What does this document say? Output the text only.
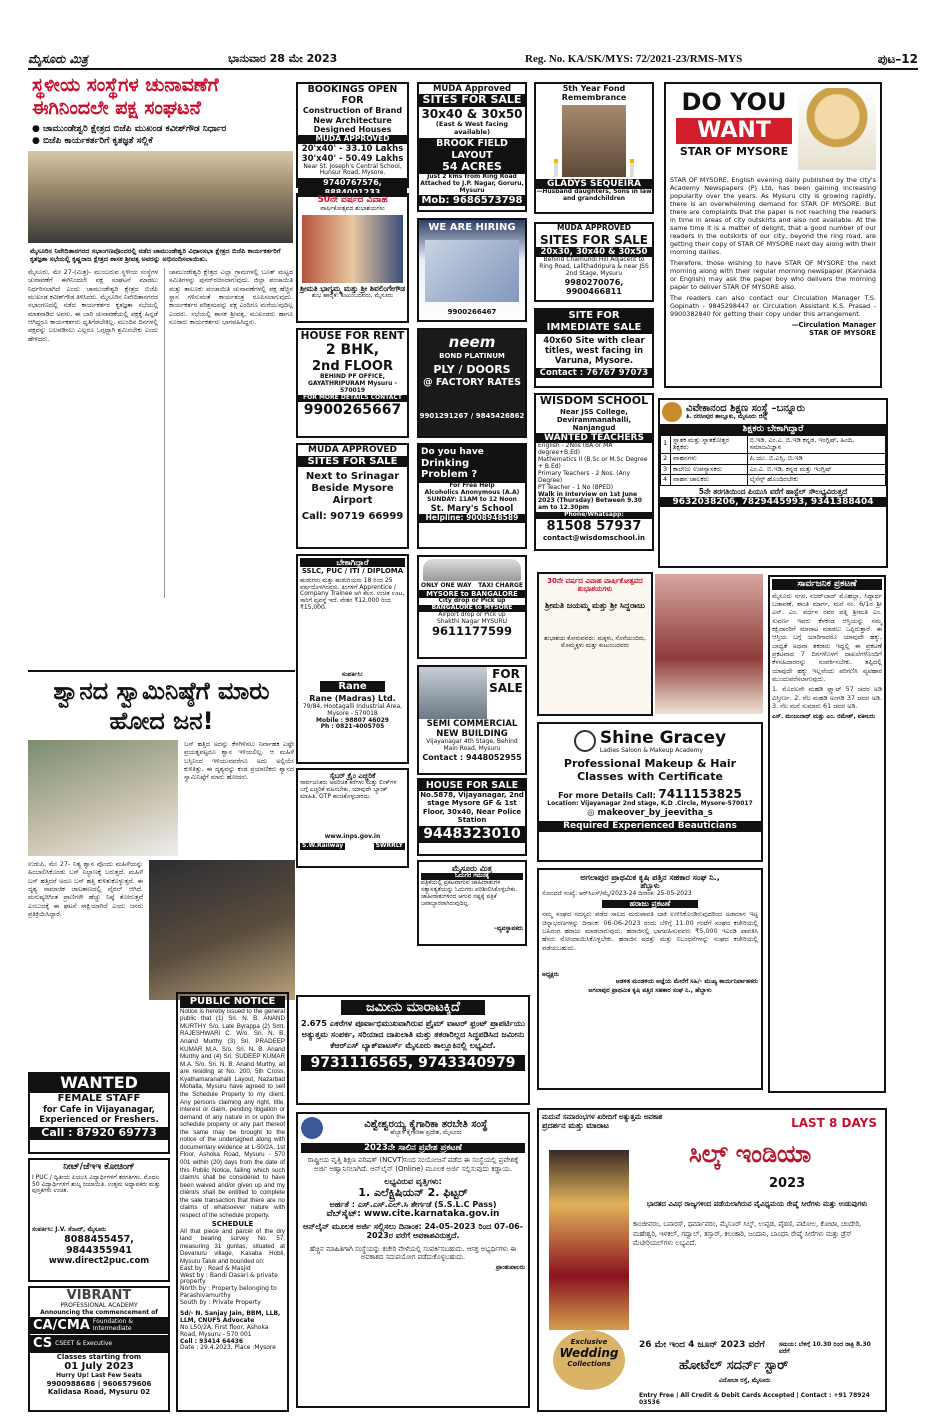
ಮೈಸೂರು ಮಿತ್ರ	ಭಾನುವಾರ 28 ಮೇ 2023	Reg. No. KA/SK/MYS: 72/2021-23/RMS-MYS	ಪುಟ–12
ಸ್ಥಳೀಯ ಸಂಸ್ಥೆಗಳ ಚುನಾವಣೆಗೆ ಈಗಿನಿಂದಲೇ ಪಕ್ಷ ಸಂಘಟನೆ
● ಚಾಮುಂಡೇಶ್ವರಿ ಕ್ಷೇತ್ರದ ಬಿಜೆಪಿ ಮುಖಂಡ ಕವೀಶ್‌ಗೌಡ ನಿರ್ಧಾರ
● ಬಿಜೆಪಿ ಕಾರ್ಯಕರ್ತರಿಗೆ ಕೃತಜ್ಞತೆ ಸಲ್ಲಿಕೆ
ಮೈಸೂರಿನ ನಿವೇದಿತಾನಗರದ ಸಭಾಂಗಣವೊಂದರಲ್ಲಿ ನಡೆದ ಚಾಮುಂಡೇಶ್ವರಿ ವಿಧಾನಸಭಾ ಕ್ಷೇತ್ರದ ಬಿಜೆಪಿ ಕಾರ್ಯಕರ್ತರಿಗೆ ಕೃತಜ್ಞತಾ ಸಭೆಯಲ್ಲಿ ಕೃಷ್ಣರಾಜ ಕ್ಷೇತ್ರದ ಶಾಸಕ ಶ್ರೀವತ್ಸ ಅವರನ್ನು ಅಭಿನಂದಿಸಲಾಯಿತು.
ಮೈಸೂರು, ಮೇ 27-(ಮಿತ್ರ)- ಮುಂಬರುವ ಸ್ಥಳೀಯ ಸಂಸ್ಥೆಗಳ ಚುನಾವಣೆಗೆ ಈಗಿನಿಂದಲೇ ಪಕ್ಷ ಸಂಘಟನೆ ಮಾಡಲು ನಿರ್ಧರಿಸಲಾಗಿದೆ ಎಂದು ಚಾಮುಂಡೇಶ್ವರಿ ಕ್ಷೇತ್ರದ ಬಿಜೆಪಿ ಮುಖಂಡ ಕವೀಶ್‌ಗೌಡ ತಿಳಿಸಿದರು. ಮೈಸೂರಿನ ನಿವೇದಿತಾನಗರದ ಸಭಾಂಗಣದಲ್ಲಿ ನಡೆದ ಕಾರ್ಯಕರ್ತರ ಕೃತಜ್ಞತಾ ಸಭೆಯಲ್ಲಿ ಮಾತನಾಡಿದ ಅವರು, ಈ ಬಾರಿ ಚುನಾವಣೆಯಲ್ಲಿ ಪಕ್ಷಕ್ಕೆ ಹಿನ್ನಡೆ ಆಗಿದ್ದರೂ ಕಾರ್ಯಕರ್ತರು ಧೃತಿಗೆಡಬೇಕಿಲ್ಲ. ಮುಂದಿನ ದಿನಗಳಲ್ಲಿ ಪಕ್ಷವನ್ನು ಬಲಪಡಿಸಲು ಎಲ್ಲರೂ ಒಗ್ಗಟ್ಟಾಗಿ ಶ್ರಮಿಸಬೇಕು ಎಂದು ಹೇಳಿದರು.
ಚಾಮುಂಡೇಶ್ವರಿ ಕ್ಷೇತ್ರದ ಎಲ್ಲಾ ಗ್ರಾಮಗಳಲ್ಲಿ ಬೂತ್ ಮಟ್ಟದ ಸಮಿತಿಗಳನ್ನು ಪುನರ್‌ರಚಿಸಲಾಗುವುದು. ಜಿಲ್ಲಾ ಪಂಚಾಯಿತಿ ಮತ್ತು ತಾಲೂಕು ಪಂಚಾಯಿತಿ ಚುನಾವಣೆಗಳಲ್ಲಿ ಪಕ್ಷ ಹೆಚ್ಚಿನ ಸ್ಥಾನ ಗಳಿಸುವಂತೆ ಕಾರ್ಯತಂತ್ರ ರೂಪಿಸಲಾಗುವುದು. ಕಾರ್ಯಕರ್ತರ ಪರಿಶ್ರಮವನ್ನು ಪಕ್ಷ ಎಂದಿಗೂ ಮರೆಯುವುದಿಲ್ಲ ಎಂದರು. ಸಭೆಯಲ್ಲಿ ಶಾಸಕ ಶ್ರೀವತ್ಸ, ಮುಖಂಡರು ಹಾಗೂ ನೂರಾರು ಕಾರ್ಯಕರ್ತರು ಭಾಗವಹಿಸಿದ್ದರು.
ಶ್ವಾನದ ಸ್ವಾಮಿನಿಷ್ಠೆಗೆ ಮಾರು ಹೋದ ಜನ!
ಬಸ್ ಹತ್ತಿದ ಅದನ್ನು ಕೆಳಗಿಳಿಸಲು ನಿರ್ವಾಹಕ ಎಷ್ಟೇ ಪ್ರಯತ್ನಪಟ್ಟರೂ ಶ್ವಾನ ಇಳಿಯಲಿಲ್ಲ. ಆ ಮಹಿಳೆ ಬಸ್ಸಿನಿಂದ ಇಳಿಯುವವರೆಗೂ ಅದು ಅಲ್ಲಿಯೇ ಕುಳಿತಿತ್ತು. ಈ ದೃಶ್ಯವನ್ನು ಕಂಡ ಪ್ರಯಾಣಿಕರು ಶ್ವಾನದ ಸ್ವಾಮಿನಿಷ್ಠೆಗೆ ಮಾರು ಹೋದರು.
ಉಡುಪಿ, ಮೇ 27- ನಿತ್ಯ ಶ್ವಾನ ವೊಂದು ಮಹಿಳೆಯನ್ನು ಹಿಂಬಾಲಿಸಿಕೊಂಡು ಬಸ್ ನಿಲ್ದಾಣಕ್ಕೆ ಬರುತ್ತದೆ. ಮಹಿಳೆ ಬಸ್ ಹತ್ತಿದರೆ ಅದೂ ಬಸ್ ಹತ್ತಿ ಕುಳಿತುಕೊಳ್ಳುತ್ತದೆ. ಈ ದೃಶ್ಯ ಸಾಮಾಜಿಕ ಜಾಲತಾಣದಲ್ಲಿ ವೈರಲ್ ಆಗಿದೆ. ಮನುಷ್ಯರಿಗಿಂತ ಪ್ರಾಣಿಗಳೇ ಹೆಚ್ಚು ನಿಷ್ಠೆ ತೋರುತ್ತವೆ ಎಂಬುದಕ್ಕೆ ಈ ಘಟನೆ ಸಾಕ್ಷಿಯಾಗಿದೆ ಎಂದು ಜನರು ಪ್ರತಿಕ್ರಿಯಿಸಿದ್ದಾರೆ.
WANTED
FEMALE STAFF
for Cafe in Vijayanagar, Experienced or Freshers.
Call : 87920 69773
ನೀಟ್/ಜೆಇಇ ಕೋಚಿಂಗ್‌
I PUC / ದ್ವಿತೀಯ ಪಿಯುಸಿ ವಿದ್ಯಾರ್ಥಿಗಳಿಗೆ ತರಗತಿಗಳು. ಮೊದಲ 50 ವಿದ್ಯಾರ್ಥಿಗಳಿಗೆ ಶುಲ್ಕ ರಿಯಾಯಿತಿ. ಉತ್ತಮ ಅಧ್ಯಾಪಕರು ಮತ್ತು ಪುಸ್ತಕಗಳು ಉಚಿತ.
ಸಂಪರ್ಕಿಸಿ: J.V. ಸೆಂಟರ್, ಮೈಸೂರು
8088455457, 9844355941
www.direct2puc.com
VIBRANT
PROFESSIONAL ACADEMY
Announcing the commencement of
CA/CMA Foundation & Intermediate
CS CSEET & Executive
Classes starting from
01 July 2023
Hurry Up! Last Few Seats
9900988686 | 9606579606
Kalidasa Road, Mysuru 02
BOOKINGS OPEN FOR
Construction of Brand New Architecture Designed Houses
MUDA APPROVED
20'x40' - 33.10 Lakhs
30'x40' - 50.49 Lakhs
Near St. Joseph's Central School, Hunsur Road, Mysore.
9740767576, 8884001233
50ನೇ ವರ್ಷದ ವಿವಾಹ
ವಾರ್ಷಿಕೋತ್ಸವದ ಶುಭಾಶಯಗಳು
ಶ್ರೀಮತಿ ಭಾಗ್ಯಮ್ಮ ಮತ್ತು ಶ್ರೀ ಶಿವಲಿಂಗೇಗೌಡ
ಶುಭ ಹಾರೈಕೆ: ಕುಟುಂಬದವರು, ಮೈಸೂರು
HOUSE FOR RENT
2 BHK,
2nd FLOOR
BEHIND PF OFFICE, GAYATHRIPURAM Mysuru - 570019
FOR MORE DETAILS CONTACT
9900265667
MUDA APPROVED
SITES FOR SALE
Next to Srinagar Beside Mysore Airport
Call: 90719 66999
ಬೇಕಾಗಿದ್ದಾರೆ
SSLC, PUC / ITI / DIPLOMA
ಹುಡುಗರು ಮತ್ತು ಹುಡುಗಿಯರು 18 ರಿಂದ 25 ವರ್ಷದೊಳಗಿನವರು. ತಿಂಗಳಿಗೆ Apprentice / Company Trainee ಆಗಿ ಕೆಲಸ. ಉಚಿತ ಊಟ, ಸಾರಿಗೆ ವ್ಯವಸ್ಥೆ ಇದೆ. ವೇತನ ₹12,000 ರಿಂದ ₹15,000.
ಸಂಪರ್ಕಿಸಿ:
Rane
Rane (Madras) Ltd.
79/84, Hootagalli Industrial Area, Mysore - 570018
Mobile : 98807 46029
Ph : 0821-4005705
ಸೈಬರ್ ಕ್ರೈಂ ಎಚ್ಚರಿಕೆ
ಸಾರ್ವಜನಿಕರು ಅಪರಿಚಿತ ಕರೆಗಳು ಮತ್ತು ಲಿಂಕ್‌ಗಳ ಬಗ್ಗೆ ಎಚ್ಚರಿಕೆ ವಹಿಸಬೇಕು. ಯಾವುದೇ ಬ್ಯಾಂಕ್ ಮಾಹಿತಿ, OTP ಹಂಚಿಕೊಳ್ಳಬಾರದು.
www.inps.gov.in
S.W.Railway	SWRRLY
MUDA Approved
SITES FOR SALE
30x40 & 30x50
(East & West facing available)
BROOK FIELD LAYOUT
54 ACRES
Just 2 kms from Ring Road Attached to J.P. Nagar, Goruru, Mysuru
Mob: 9686573798
WE ARE HIRING
9900266467
neem
BOND PLATINUM
PLY / DOORS
@ FACTORY RATES
9901291267 / 9845426862
Do you have
Drinking
Problem ?
For Free Help
Alcoholics Anonymous (A.A)
SUNDAY: 11AM to 12 Noon
St. Mary's School
Helpline: 9008948589
ONLY ONE WAY TAXI CHARGE
MYSORE to BANGALORE
City drop or Pick up
BANGALORE to MYSORE
Airport drop or Pick up
Shakthi Nagar MYSURU
9611177599
FOR
SALE
SEMI COMMERCIAL NEW BUILDING
Vijayanagar 4th Stage, Behind Main Road, Mysuru
Contact : 9448052955
HOUSE FOR SALE
No.5878, Vijayanagar, 2nd stage Mysore GF & 1st Floor, 30x40, Near Police Station
9448323010
ಮೈಸೂರು ಮಿತ್ರ
ಓದುಗರ ಗಮನಕ್ಕೆ
ಪತ್ರಿಕೆಯಲ್ಲಿ ಪ್ರಕಟವಾಗುವ ಜಾಹೀರಾತುಗಳ ಸತ್ಯಾಸತ್ಯತೆಯನ್ನು ಓದುಗರು ಪರಿಶೀಲಿಸಿಕೊಳ್ಳಬೇಕು. ಜಾಹೀರಾತುಗಳಿಂದ ಆಗುವ ನಷ್ಟಕ್ಕೆ ಪತ್ರಿಕೆ ಜವಾಬ್ದಾರರಾಗಿರುವುದಿಲ್ಲ.
–ವ್ಯವಸ್ಥಾಪಕರು
5th Year Fond Remembrance
GLADYS SEQUEIRA
—Husband daughters, Sons in law and grandchildren
MUDA APPROVED
SITES FOR SALE
20x30, 30x40 & 30x50
Behind Chamundi Hill Adjacent to Ring Road, Lalithadripura & near JSS 2nd Stage, Mysuru
9980270076, 9900466811
SITE FOR IMMEDIATE SALE
40x60 Site with clear titles, west facing in Varuna, Mysore.
Contact : 76767 97073
WISDOM SCHOOL
Near JSS College, Devirammanahalli, Nanjangud
WANTED TEACHERS
English - 2Nos (BA or MA degree+B.Ed)
Mathematics II (B.Sc or M.Sc Degree + B.Ed)
Primary Teachers - 2 Nos. (Any Degree)
PT Teacher - 1 No (BPED)
Walk in Interview on 1st June 2023 (Thursday) Between 9.30 am to 12.30pm
Phone/Whatsapp:
81508 57937
contact@wisdomschool.in
DO YOU
WANT
STAR OF MYSORE
STAR OF MYSORE, English evening daily published by the city's Academy Newspapers (P) Ltd, has been gaining increasing popularity over the years. As Mysuru city is growing rapidly, there is an overwhelming demand for STAR OF MYSORE. But there are complaints that the paper is not reaching the readers in time in areas of city outskirts and also not available. At the same time it is a matter of delight, that a good number of our readers in the outskirts of our city, beyond the ring road, are getting their copy of STAR OF MYSORE next day along with their morning dailies.
Therefore, those wishing to have STAR OF MYSORE the next morning along with their regular morning newspaper (Kannada or English) may ask the paper boy who delivers the morning paper to deliver STAR OF MYSORE also.
The readers can also contact our Circulation Manager T.S. Gopinath - 9845298447 or Circulation Assistant K.S. Prasad - 9900382840 for getting their copy under this arrangement.
—Circulation Manager
STAR OF MYSORE
ವಿವೇಕಾನಂದ ಶಿಕ್ಷಣ ಸಂಸ್ಥೆ –ಬನ್ನೂರು
ತಿ. ನರಸೀಪುರ ತಾಲ್ಲೂಕು, ಮೈಸೂರು ಜಿಲ್ಲೆ
ಶಿಕ್ಷಕರು ಬೇಕಾಗಿದ್ದಾರೆ
1	ಸ್ನಾತಕ ಮತ್ತು ಸ್ನಾತಕೋತ್ತರ ಶಿಕ್ಷಕರು	ಬಿ.ಇಡಿ, ಎಂ.ಎ. ಬಿ.ಇಡಿ ಕನ್ನಡ, ಇಂಗ್ಲಿಷ್, ಹಿಂದಿ, ಸಮಾಜವಿಜ್ಞಾನ
2	ವಾಹನಗಳು	ಪಿ.ಯು. ಬಿ.ಎಸ್ಸಿ, ಬಿ.ಇಡಿ
3	ಕಾಲೇಜು ಉಪನ್ಯಾಸಕರು	ಎಂ.ಎ. ಬಿ.ಇಡಿ, ಕನ್ನಡ ಮತ್ತು ಇಂಗ್ಲಿಷ್
4	ವಾಹನ ಚಾಲಕರು	ಲೈಸೆನ್ಸ್ ಹೊಂದಿರಬೇಕು
5ನೇ ತರಗತಿಯಿಂದ ಪಿಯುಸಿ ವರೆಗೆ ಹಾಸ್ಟೆಲ್ ಸೌಲಭ್ಯವಿರುತ್ತದೆ
9632038206, 7829445993, 9341388404
30ನೇ ವರ್ಷದ ವಿವಾಹ ವಾರ್ಷಿಕೋತ್ಸವದ ಶುಭಾಶಯಗಳು
ಶ್ರೀಮತಿ ಜಯಮ್ಮ ಮತ್ತು ಶ್ರೀ ಸಿದ್ದರಾಜು
ಶುಭಾಶಯ ಕೋರುವವರು: ಮಕ್ಕಳು, ಸೊಸೆಯಂದಿರು, ಮೊಮ್ಮಕ್ಕಳು ಮತ್ತು ಕುಟುಂಬದವರು
ಸಾರ್ವಜನಿಕ ಪ್ರಕಟಣೆ
ಮೈಸೂರು ನಗರ, ನಜರ್‌ಬಾದ್ ಮೊಹಲ್ಲಾ, ಸಿದ್ದಾರ್ಥ ಬಡಾವಣೆ, ಶಾಂತಿ ಮಾರ್ಗ, ಮನೆ ನಂ. 6/1ರ ಶ್ರೀ ಎನ್. ಎಂ. ವರ್ಧನ ರವರ ಪತ್ನಿ ಶ್ರೀಮತಿ ಎಂ. ಸುವರ್ಣ ಇವರು ಕೆಳಕಂಡ ಆಸ್ತಿಯನ್ನು ನಮ್ಮ ಕಕ್ಷಿದಾರರಿಗೆ ಮಾರಾಟ ಮಾಡಲು ಒಪ್ಪಿರುತ್ತಾರೆ. ಈ ಆಸ್ತಿಯ ಬಗ್ಗೆ ಯಾರಿಗಾದರೂ ಯಾವುದೇ ಹಕ್ಕು, ಬಾಧ್ಯತೆ ಅಥವಾ ತಕರಾರು ಇದ್ದಲ್ಲಿ ಈ ಪ್ರಕಟಣೆ ಪ್ರಕಟವಾದ 7 ದಿನಗಳೊಳಗೆ ದಾಖಲೆಗಳೊಂದಿಗೆ ಕೆಳಸಹಿದಾರರನ್ನು ಸಂಪರ್ಕಿಸಬೇಕು. ತಪ್ಪಿದಲ್ಲಿ ಯಾವುದೇ ಹಕ್ಕು ಇಲ್ಲವೆಂದು ಪರಿಗಣಿಸಿ ವ್ಯವಹಾರ ಮುಂದುವರೆಸಲಾಗುವುದು.
1. ಮೊದಲನೇ ಮಹಡಿ ಫ್ಲ್ಯಾಟ್ 57 ಚದರ ಅಡಿ ವಿಸ್ತೀರ್ಣ. 2. ನೆಲ ಮಹಡಿ ಅಂಗಡಿ 37 ಚದರ ಅಡಿ. 3. ನೆಲ ಮನೆ ಸುಮಾರು 61 ಚದರ ಅಡಿ.
ಎಸ್. ಮಂಜುನಾಥ್ ಮತ್ತು ಎಂ. ರಮೇಶ್, ವಕೀಲರು
Shine Gracey
Ladies Saloon & Makeup Academy
Professional Makeup & Hair Classes with Certificate
For more Details Call: 7411153825
Location: Vijayanagar 2nd stage, K.D .Circle, Mysore-570017
◎ makeover_by_jeevitha_s
Required Experienced Beauticians
ಅಗಲಾಪುರ ಪ್ರಾಥಮಿಕ ಕೃಷಿ ಪತ್ತಿನ ಸಹಕಾರ ಸಂಘ ನಿ.,
ಹೆಬ್ಬಾಳು
ನೋಂದಣಿ ಸಂಖ್ಯೆ: ಆರ್‌ಸಿಎಸ್/ಮೈ/2023-24 ದಿನಾಂಕ: 25-05-2023
ಹರಾಜು ಪ್ರಕಟಣೆ
ನಮ್ಮ ಸಂಘದ ಸದಸ್ಯರು ಪಡೆದ ಸಾಲದ ಮರುಪಾವತಿ ಬಾಕಿ ಉಳಿಸಿಕೊಂಡಿರುವುದರಿಂದ ಅಡಮಾನ ಇಟ್ಟ ಚಿನ್ನಾಭರಣಗಳನ್ನು ದಿನಾಂಕ: 06-06-2023 ರಂದು ಬೆಳಿಗ್ಗೆ 11.00 ಗಂಟೆಗೆ ಸಂಘದ ಕಚೇರಿಯಲ್ಲಿ ಬಹಿರಂಗ ಹರಾಜು ಮಾಡಲಾಗುವುದು. ಹರಾಜಿನಲ್ಲಿ ಭಾಗವಹಿಸುವವರು ₹5,000 ಇಎಂಡಿ ಪಾವತಿಸಿ ಹೆಸರು ನೋಂದಾಯಿಸಿಕೊಳ್ಳಬೇಕು. ಹರಾಜಿನ ಷರತ್ತು ಮತ್ತು ನಿಬಂಧನೆಗಳನ್ನು ಸಂಘದ ಕಚೇರಿಯಲ್ಲಿ ಪಡೆಯಬಹುದು.
ಅಧ್ಯಕ್ಷರು
ಆಡಳಿತ ಮಂಡಳಿಯ ಆಜ್ಞೆಯ ಮೇರೆಗೆ ಸಹಿ/- ಮುಖ್ಯ ಕಾರ್ಯನಿರ್ವಾಹಕರು
ಅಗಲಾಪುರ ಪ್ರಾಥಮಿಕ ಕೃಷಿ ಪತ್ತಿನ ಸಹಕಾರ ಸಂಘ ನಿ., ಹೆಬ್ಬಾಳು
PUBLIC NOTICE
Notice is hereby issued to the general public that (1) Sri. N. B. ANAND MURTHY S/o. Late Byrappa (2) Smt. RAJESHWARI C. W/o. Sri. N. B. Anand Murthy (3) Sri. PRADEEP KUMAR M.A. S/o. Sri. N. B. Anand Murthy and (4) Sri. SUDEEP KUMAR M.A. S/o. Sri. N. B. Anand Murthy, all are residing at No. 200, 5th Cross, Kyathamaranahalli Layout, Nazarbad Mohalla, Mysuru have agreed to sell the Schedule Property to my client. Any persons claiming any right, title, interest or claim, pending litigation or demand of any nature in or upon the schedule property or any part thereof the same may be brought to the notice of the undersigned along with documentary evidence at L-50/2A, 1st Floor, Ashoka Road, Mysuru - 570 001 within (20) days from the date of this Public Notice, failing which such claim/s shall be considered to have been waived and/or given up and my client/s shall be entitled to complete the sale transaction that there are no claims of whatsoever nature with respect of the schedule property.
SCHEDULE
All that piece and parcel of the dry land bearing survey No. 57, measuring 31 guntas, situated at Devanuru village, Kasaba Hobli, Mysuru Taluk and bounded on:
East by : Road & Masjid
West by : Bandi Dasari & private property
North by : Property belonging to Parashivamurthy
South by : Private Property
Sd/- N. Sanjay Jain, BBM, LLB, LLM, CNUFS Advocate
No L50/2A, First floor, Ashoka Road, Mysuru - 570 001
Cell : 93414 64436
Date : 29.4.2023, Place :Mysore
ಜಮೀನು ಮಾರಾಟಕ್ಕಿದೆ
2.675 ಎಕರೆಗಳ ಪೂರ್ವಾಭಿಮುಖವಾಗಿರುವ ಪ್ರೈಮ್ ವಾಟರ್ ಫ್ರಂಟ್ ಪ್ರಾಪರ್ಟಿಯು ಅತ್ಯುತ್ತಮ ಸಂಪರ್ಕ, ಸರಿಯಾದ ದಾಖಲಾತಿ ಮತ್ತು ತಕರಾರಿಲ್ಲದ ಸಿದ್ಧಪಡಿಸಿದ ಜಮೀನು ಕೆಆರ್‌ಎಸ್ ಬ್ಯಾಕ್‌ವಾಟರ್ಸ್ ಮೈಸೂರು ತಾಲ್ಲೂಕಿನಲ್ಲಿ ಲಭ್ಯವಿದೆ.
9731116565, 9743340979
ವಿಶ್ವೇಶ್ವರಯ್ಯ ಕೈಗಾರಿಕಾ ತರಬೇತಿ ಸಂಸ್ಥೆ
ಹೆಬ್ಬಾಳ ಕೈಗಾರಿಕಾ ಪ್ರದೇಶ, ಮೈಸೂರು
2023ನೇ ಸಾಲಿನ ಪ್ರವೇಶ ಪ್ರಕಟಣೆ
ರಾಷ್ಟ್ರೀಯ ವೃತ್ತಿ ಶಿಕ್ಷಣ ಪರಿಷತ್ (NCVT)ನಿಂದ ಸಂಯೋಜನೆ ಪಡೆದ ಈ ಸಂಸ್ಥೆಯಲ್ಲಿ ಪ್ರವೇಶಕ್ಕೆ ಅರ್ಜಿ ಆಹ್ವಾನಿಸಲಾಗಿದೆ. ಆನ್‌ಲೈನ್ (Online) ಮೂಲಕ ಅರ್ಜಿ ಸಲ್ಲಿಸುವುದು ಕಡ್ಡಾಯ.
ಲಭ್ಯವಿರುವ ವೃತ್ತಿಗಳು:
1. ಎಲೆಕ್ಟ್ರಿಷಿಯನ್ 2. ಫಿಟ್ಟರ್
ಅರ್ಹತೆ : ಎಸ್.ಎಸ್.ಎಲ್.ಸಿ ತೇರ್ಗಡೆ (S.S.L.C Pass)
ವೆಬ್‌ಸೈಟ್: www.cite.karnataka.gov.in
ಆನ್‌ಲೈನ್ ಮೂಲಕ ಅರ್ಜಿ ಸಲ್ಲಿಸಲು ದಿನಾಂಕ: 24-05-2023 ರಿಂದ 07-06-2023ರ ವರೆಗೆ ಅವಕಾಶವಿರುತ್ತದೆ.
ಹೆಚ್ಚಿನ ಮಾಹಿತಿಗಾಗಿ ಸಂಸ್ಥೆಯನ್ನು ಕಚೇರಿ ವೇಳೆಯಲ್ಲಿ ಸಂಪರ್ಕಿಸಬಹುದು. ಆಸಕ್ತ ಅಭ್ಯರ್ಥಿಗಳು ಈ ಅವಕಾಶದ ಸದುಪಯೋಗ ಪಡೆದುಕೊಳ್ಳಬಹುದು.
ಪ್ರಾಂಶುಪಾಲರು
ಮದುವೆ ಸಮಾರಂಭಗಳ ಖರೀದಿಗೆ ಅತ್ಯುತ್ತಮ ಅವಕಾಶ
ಪ್ರದರ್ಶನ ಮತ್ತು ಮಾರಾಟ	LAST 8 DAYS
ಸಿಲ್ಕ್ ಇಂಡಿಯಾ
2023
ಭಾರತದ ವಿವಿಧ ರಾಜ್ಯಗಳಿಂದ ಪಡೆಯಲಾಗಿರುವ ವೈವಿಧ್ಯಮಯ ರೇಷ್ಮೆ ಸೀರೆಗಳು ಮತ್ತು ಉಡುಪುಗಳು
ಕಾಂಜೀವರಂ, ಬನಾರಸ್, ಧರ್ಮಾವರಂ, ಮೈಸೂರ್ ಸಿಲ್ಕ್, ಉಪ್ಪಡ, ಪೈಠಣಿ, ಪಟೋಲ, ಕೋಟಾ, ಚಂದೇರಿ, ಮಹೇಶ್ವರಿ, ಇಳಕಲ್, ಗದ್ವಾಲ್, ತಸ್ಸಾರ್, ಕಲಂಕಾರಿ, ಜಂದಾನಿ, ಬಾಂಧನಿ ರೇಷ್ಮೆ ಸೀರೆಗಳು ಮತ್ತು ಡ್ರೆಸ್ ಮೆಟೀರಿಯಲ್‌ಗಳು ಲಭ್ಯವಿದೆ.
Exclusive
Wedding
Collections
26 ಮೇ ಇಂದ 4 ಜೂನ್ 2023 ವರೆಗೆ ಸಮಯ: ಬೆಳಿಗ್ಗೆ 10.30 ರಿಂದ ರಾತ್ರಿ 8.30 ವರೆಗೆ
ಹೋಟೆಲ್ ಸದರ್ನ್ ಸ್ಟಾರ್
ವಿನೋಬಾ ರಸ್ತೆ, ಮೈಸೂರು
Entry Free | All Credit & Debit Cards Accepted | Contact : +91 78924 03536
